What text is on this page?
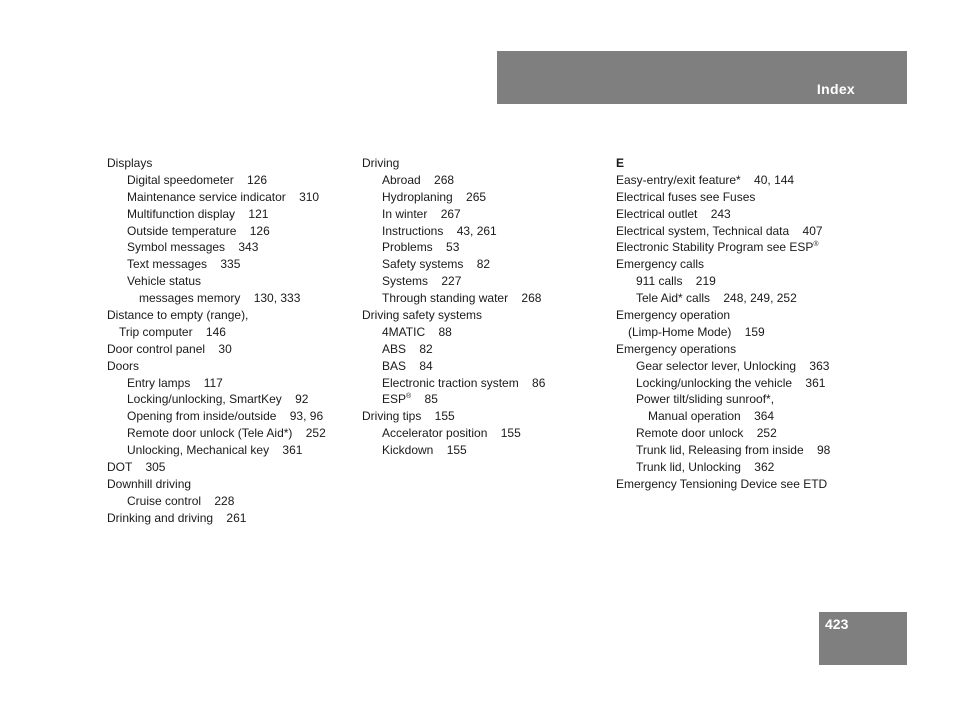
Index
Displays
Digital speedometer    126
Maintenance service indicator    310
Multifunction display    121
Outside temperature    126
Symbol messages    343
Text messages    335
Vehicle status
messages memory    130, 333
Distance to empty (range),
Trip computer    146
Door control panel    30
Doors
Entry lamps    117
Locking/unlocking, SmartKey    92
Opening from inside/outside    93, 96
Remote door unlock (Tele Aid*)    252
Unlocking, Mechanical key    361
DOT    305
Downhill driving
Cruise control    228
Drinking and driving    261
Driving
Abroad    268
Hydroplaning    265
In winter    267
Instructions    43, 261
Problems    53
Safety systems    82
Systems    227
Through standing water    268
Driving safety systems
4MATIC    88
ABS    82
BAS    84
Electronic traction system    86
ESP®    85
Driving tips    155
Accelerator position    155
Kickdown    155
E
Easy-entry/exit feature*    40, 144
Electrical fuses see Fuses
Electrical outlet    243
Electrical system, Technical data    407
Electronic Stability Program see ESP®
Emergency calls
911 calls    219
Tele Aid* calls    248, 249, 252
Emergency operation
(Limp-Home Mode)    159
Emergency operations
Gear selector lever, Unlocking    363
Locking/unlocking the vehicle    361
Power tilt/sliding sunroof*,
Manual operation    364
Remote door unlock    252
Trunk lid, Releasing from inside    98
Trunk lid, Unlocking    362
Emergency Tensioning Device see ETD
423
